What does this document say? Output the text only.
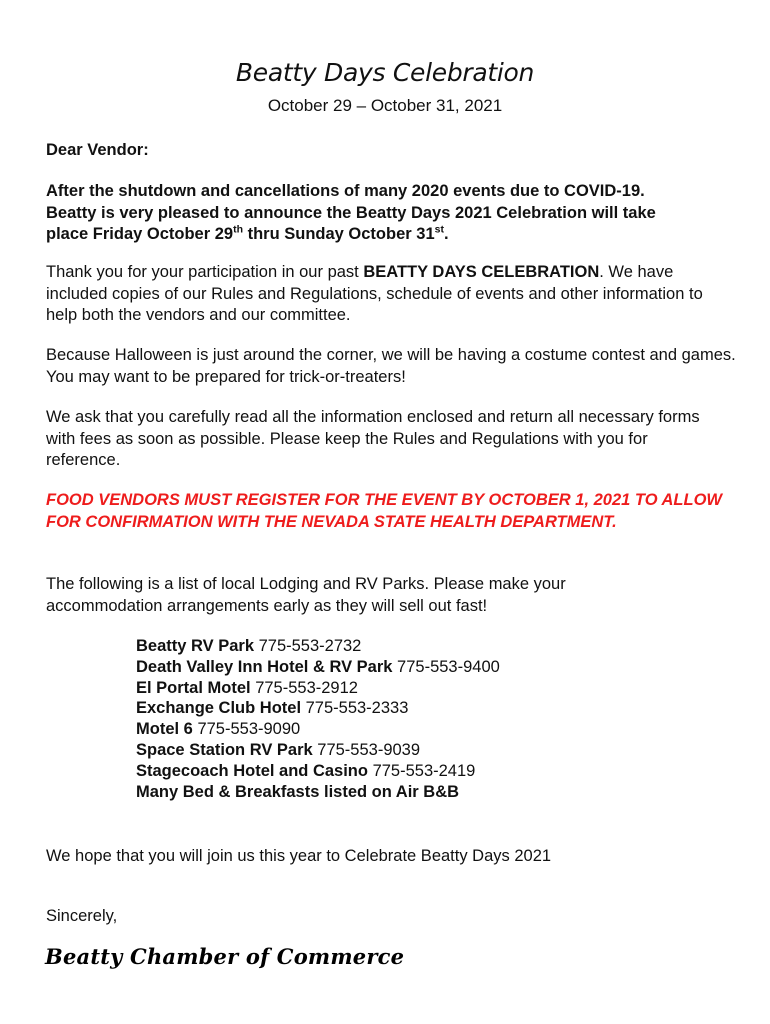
Beatty Days Celebration
October 29 – October 31, 2021
Dear Vendor:
After the shutdown and cancellations of many 2020 events due to COVID-19.
Beatty is very pleased to announce the Beatty Days 2021 Celebration will take
place Friday October 29th thru Sunday October 31st.
Thank you for your participation in our past BEATTY DAYS CELEBRATION. We have included copies of our Rules and Regulations, schedule of events and other information to help both the vendors and our committee.
Because Halloween is just around the corner, we will be having a costume contest and games. You may want to be prepared for trick-or-treaters!
We ask that you carefully read all the information enclosed and return all necessary forms with fees as soon as possible. Please keep the Rules and Regulations with you for reference.
FOOD VENDORS MUST REGISTER FOR THE EVENT BY OCTOBER 1, 2021 TO ALLOW FOR CONFIRMATION WITH THE NEVADA STATE HEALTH DEPARTMENT.
The following is a list of local Lodging and RV Parks. Please make your accommodation arrangements early as they will sell out fast!
Beatty RV Park 775-553-2732
Death Valley Inn Hotel & RV Park 775-553-9400
El Portal Motel 775-553-2912
Exchange Club Hotel 775-553-2333
Motel 6 775-553-9090
Space Station RV Park 775-553-9039
Stagecoach Hotel and Casino 775-553-2419
Many Bed & Breakfasts listed on Air B&B
We hope that you will join us this year to Celebrate Beatty Days 2021
Sincerely,
Beatty Chamber of Commerce
